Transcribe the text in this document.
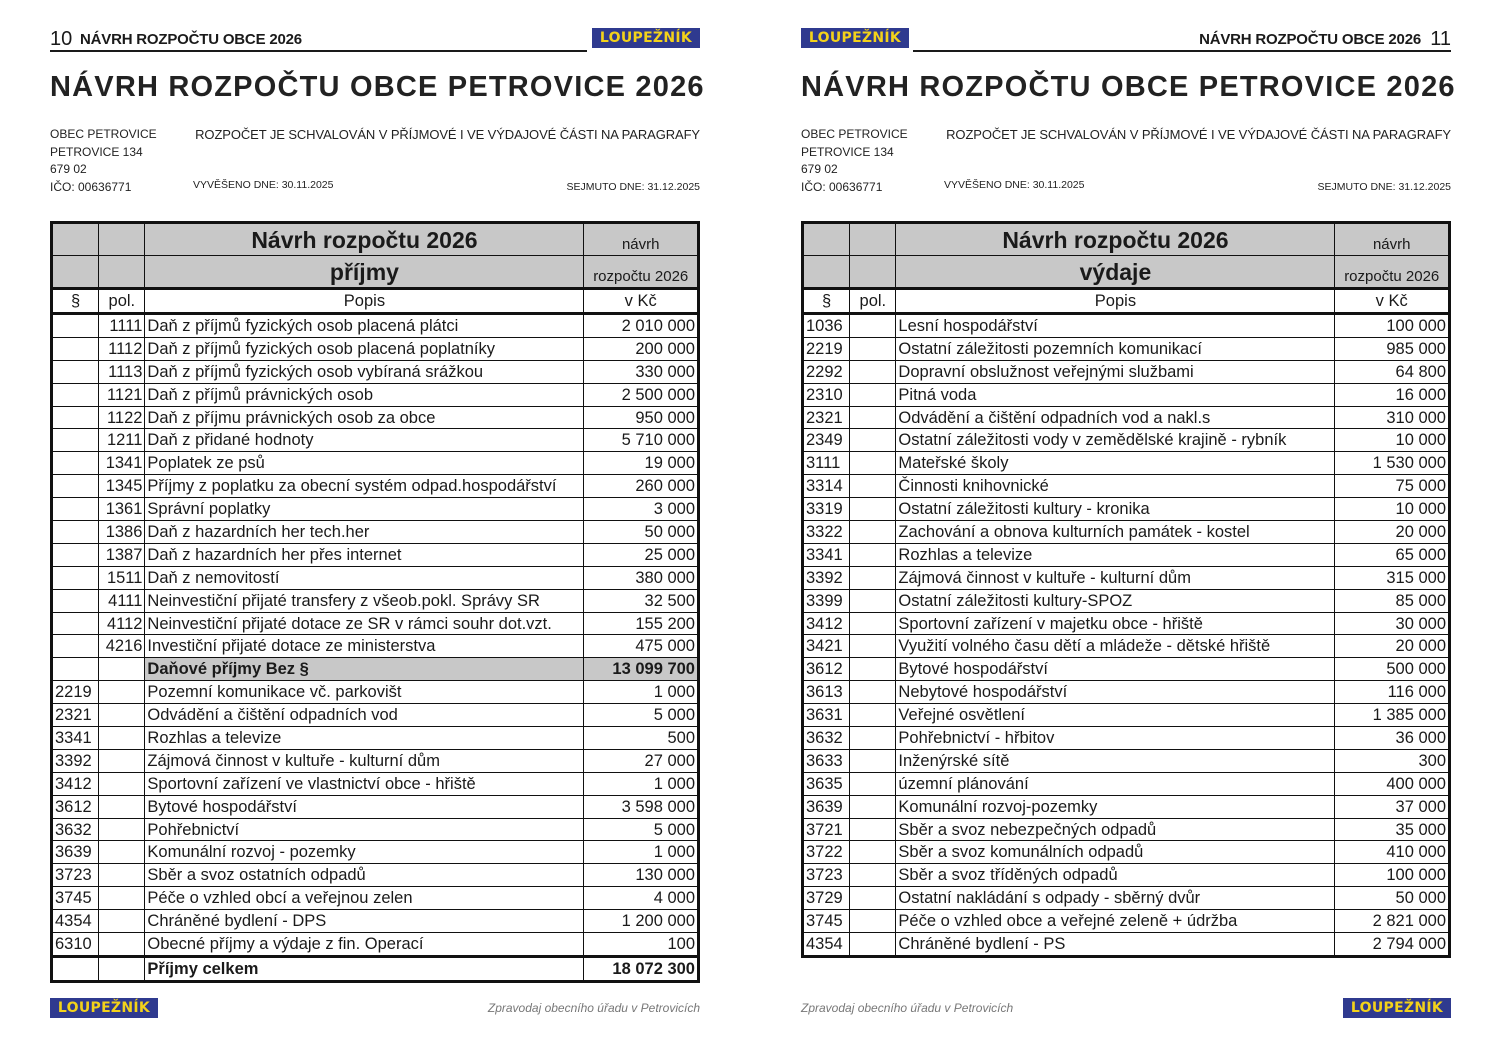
10 NÁVRH ROZPOČTU OBCE 2026	LOUPEŽNÍK
NÁVRH ROZPOČTU OBCE PETROVICE 2026
OBEC PETROVICE
PETROVICE 134
679 02
IČO: 00636771
ROZPOČET JE SCHVALOVÁN V PŘÍJMOVÉ I VE VÝDAJOVÉ ČÁSTI NA PARAGRAFY
VYVĚŠENO DNE: 30.11.2025	SEJMUTO DNE: 31.12.2025
		Návrh rozpočtu 2026	návrh
		příjmy	rozpočtu 2026
§	pol.	Popis	v Kč
	1111	Daň z příjmů fyzických osob placená plátci	2 010 000
	1112	Daň z příjmů fyzických osob placená poplatníky	200 000
	1113	Daň z příjmů fyzických osob vybíraná srážkou	330 000
	1121	Daň z příjmů právnických osob	2 500 000
	1122	Daň z příjmu právnických osob za obce	950 000
	1211	Daň z přidané hodnoty	5 710 000
	1341	Poplatek ze psů	19 000
	1345	Příjmy z poplatku za obecní systém odpad.hospodářství	260 000
	1361	Správní poplatky	3 000
	1386	Daň z hazardních her tech.her	50 000
	1387	Daň z hazardních her přes internet	25 000
	1511	Daň z nemovitostí	380 000
	4111	Neinvestiční přijaté transfery z všeob.pokl. Správy SR	32 500
	4112	Neinvestiční přijaté dotace ze SR v rámci souhr dot.vzt.	155 200
	4216	Investiční přijaté dotace ze ministerstva	475 000
		Daňové příjmy Bez §	13 099 700
2219		Pozemní komunikace vč. parkovišt	1 000
2321		Odvádění a čištění odpadních vod	5 000
3341		Rozhlas a televize	500
3392		Zájmová činnost v kultuře - kulturní dům	27 000
3412		Sportovní zařízení ve vlastnictví obce - hřiště	1 000
3612		Bytové hospodářství	3 598 000
3632		Pohřebnictví	5 000
3639		Komunální rozvoj - pozemky	1 000
3723		Sběr a svoz ostatních odpadů	130 000
3745		Péče o vzhled obcí a veřejnou zelen	4 000
4354		Chráněné bydlení - DPS	1 200 000
6310		Obecné příjmy a výdaje z fin. Operací	100
		Příjmy celkem	18 072 300
LOUPEŽNÍK	Zpravodaj obecního úřadu v Petrovicích
LOUPEŽNÍK	NÁVRH ROZPOČTU OBCE 2026 11
NÁVRH ROZPOČTU OBCE PETROVICE 2026
OBEC PETROVICE
PETROVICE 134
679 02
IČO: 00636771
ROZPOČET JE SCHVALOVÁN V PŘÍJMOVÉ I VE VÝDAJOVÉ ČÁSTI NA PARAGRAFY
VYVĚŠENO DNE: 30.11.2025	SEJMUTO DNE: 31.12.2025
		Návrh rozpočtu 2026	návrh
		výdaje	rozpočtu 2026
§	pol.	Popis	v Kč
1036		Lesní hospodářství	100 000
2219		Ostatní záležitosti pozemních komunikací	985 000
2292		Dopravní obslužnost veřejnými službami	64 800
2310		Pitná voda	16 000
2321		Odvádění a čištění odpadních vod a nakl.s	310 000
2349		Ostatní záležitosti vody v zemědělské krajině - rybník	10 000
3111		Mateřské školy	1 530 000
3314		Činnosti knihovnické	75 000
3319		Ostatní záležitosti kultury - kronika	10 000
3322		Zachování a obnova kulturních památek - kostel	20 000
3341		Rozhlas a televize	65 000
3392		Zájmová činnost v kultuře - kulturní dům	315 000
3399		Ostatní záležitosti kultury-SPOZ	85 000
3412		Sportovní zařízení v majetku obce - hřiště	30 000
3421		Využití volného času dětí a mládeže - dětské hřiště	20 000
3612		Bytové hospodářství	500 000
3613		Nebytové hospodářství	116 000
3631		Veřejné osvětlení	1 385 000
3632		Pohřebnictví - hřbitov	36 000
3633		Inženýrské sítě	300
3635		územní plánování	400 000
3639		Komunální rozvoj-pozemky	37 000
3721		Sběr a svoz nebezpečných odpadů	35 000
3722		Sběr a svoz komunálních odpadů	410 000
3723		Sběr a svoz tříděných odpadů	100 000
3729		Ostatní nakládání s odpady - sběrný dvůr	50 000
3745		Péče o vzhled obce a veřejné zeleně + údržba	2 821 000
4354		Chráněné bydlení - PS	2 794 000
Zpravodaj obecního úřadu v Petrovicích	LOUPEŽNÍK
